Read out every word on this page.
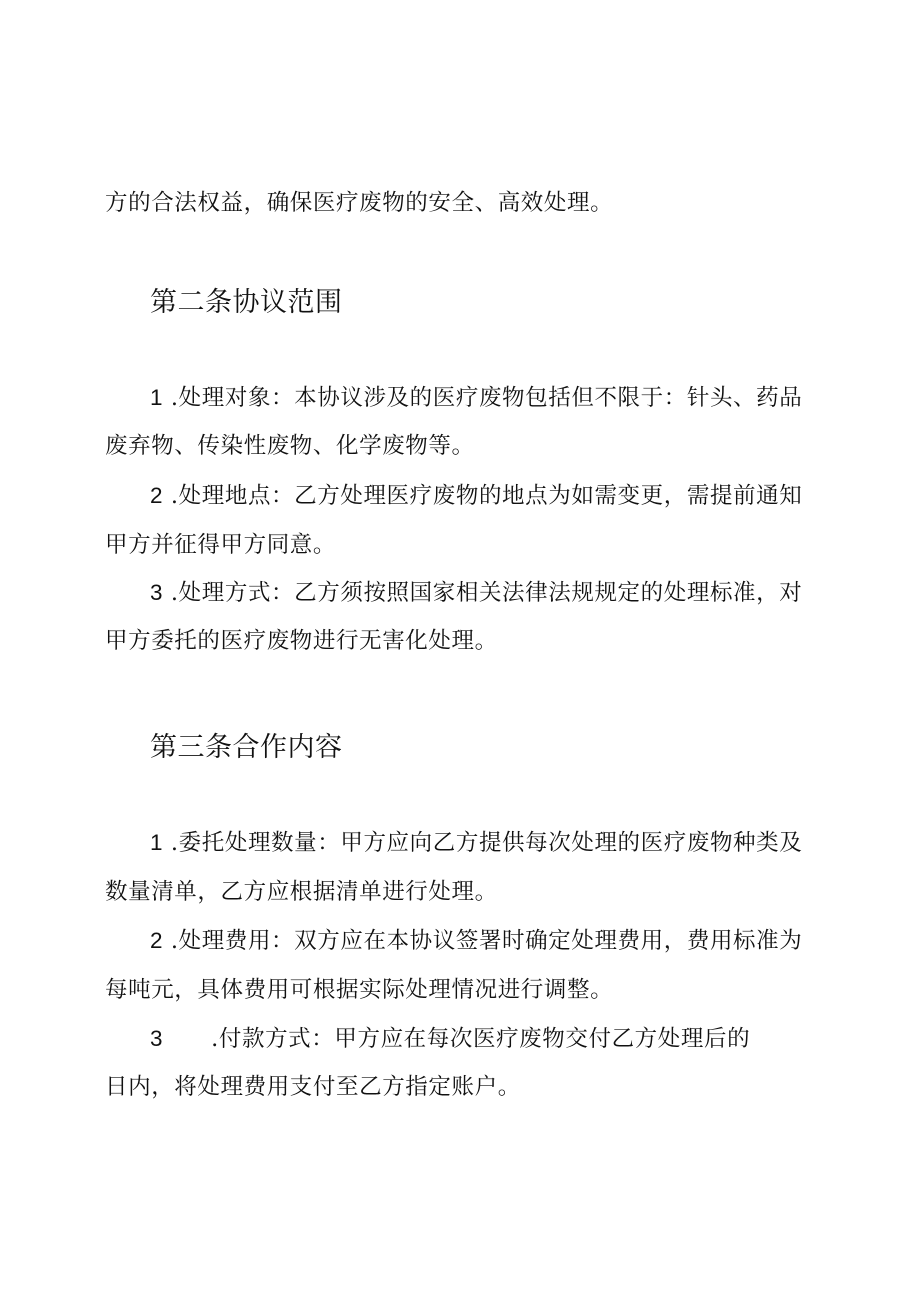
方的合法权益，确保医疗废物的安全、高效处理。
第二条协议范围
1 .处理对象：本协议涉及的医疗废物包括但不限于：针头、药品
废弃物、传染性废物、化学废物等。
2 .处理地点：乙方处理医疗废物的地点为如需变更，需提前通知
甲方并征得甲方同意。
3 .处理方式：乙方须按照国家相关法律法规规定的处理标准，对
甲方委托的医疗废物进行无害化处理。
第三条合作内容
1 .委托处理数量：甲方应向乙方提供每次处理的医疗废物种类及
数量清单，乙方应根据清单进行处理。
2 .处理费用：双方应在本协议签署时确定处理费用，费用标准为
每吨元，具体费用可根据实际处理情况进行调整。
3 .付款方式：甲方应在每次医疗废物交付乙方处理后的
日内，将处理费用支付至乙方指定账户。
